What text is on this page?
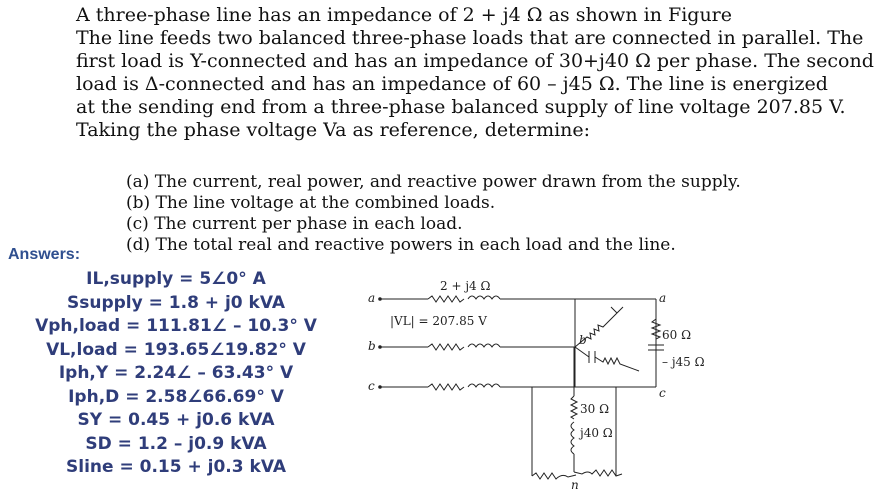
A three-phase line has an impedance of 2 + j4 Ω as shown in Figure
The line feeds two balanced three-phase loads that are connected in parallel. The
first load is Y-connected and has an impedance of 30+j40 Ω per phase. The second
load is Δ-connected and has an impedance of 60 – j45 Ω. The line is energized
at the sending end from a three-phase balanced supply of line voltage 207.85 V.
Taking the phase voltage Va as reference, determine:
(a) The current, real power, and reactive power drawn from the supply.
(b) The line voltage at the combined loads.
(c) The current per phase in each load.
(d) The total real and reactive powers in each load and the line.
Answers:
IL,supply = 5∠0° A
Ssupply = 1.8 + j0 kVA
Vph,load = 111.81∠ – 10.3° V
VL,load = 193.65∠19.82° V
Iph,Y = 2.24∠ – 63.43° V
Iph,D = 2.58∠66.69° V
SY = 0.45 + j0.6 kVA
SD = 1.2 – j0.9 kVA
Sline = 0.15 + j0.3 kVA
2 + j4 Ω
|VL| = 207.85 V
a
b
c
a
b
c
n
60 Ω
– j45 Ω
30 Ω
j40 Ω
